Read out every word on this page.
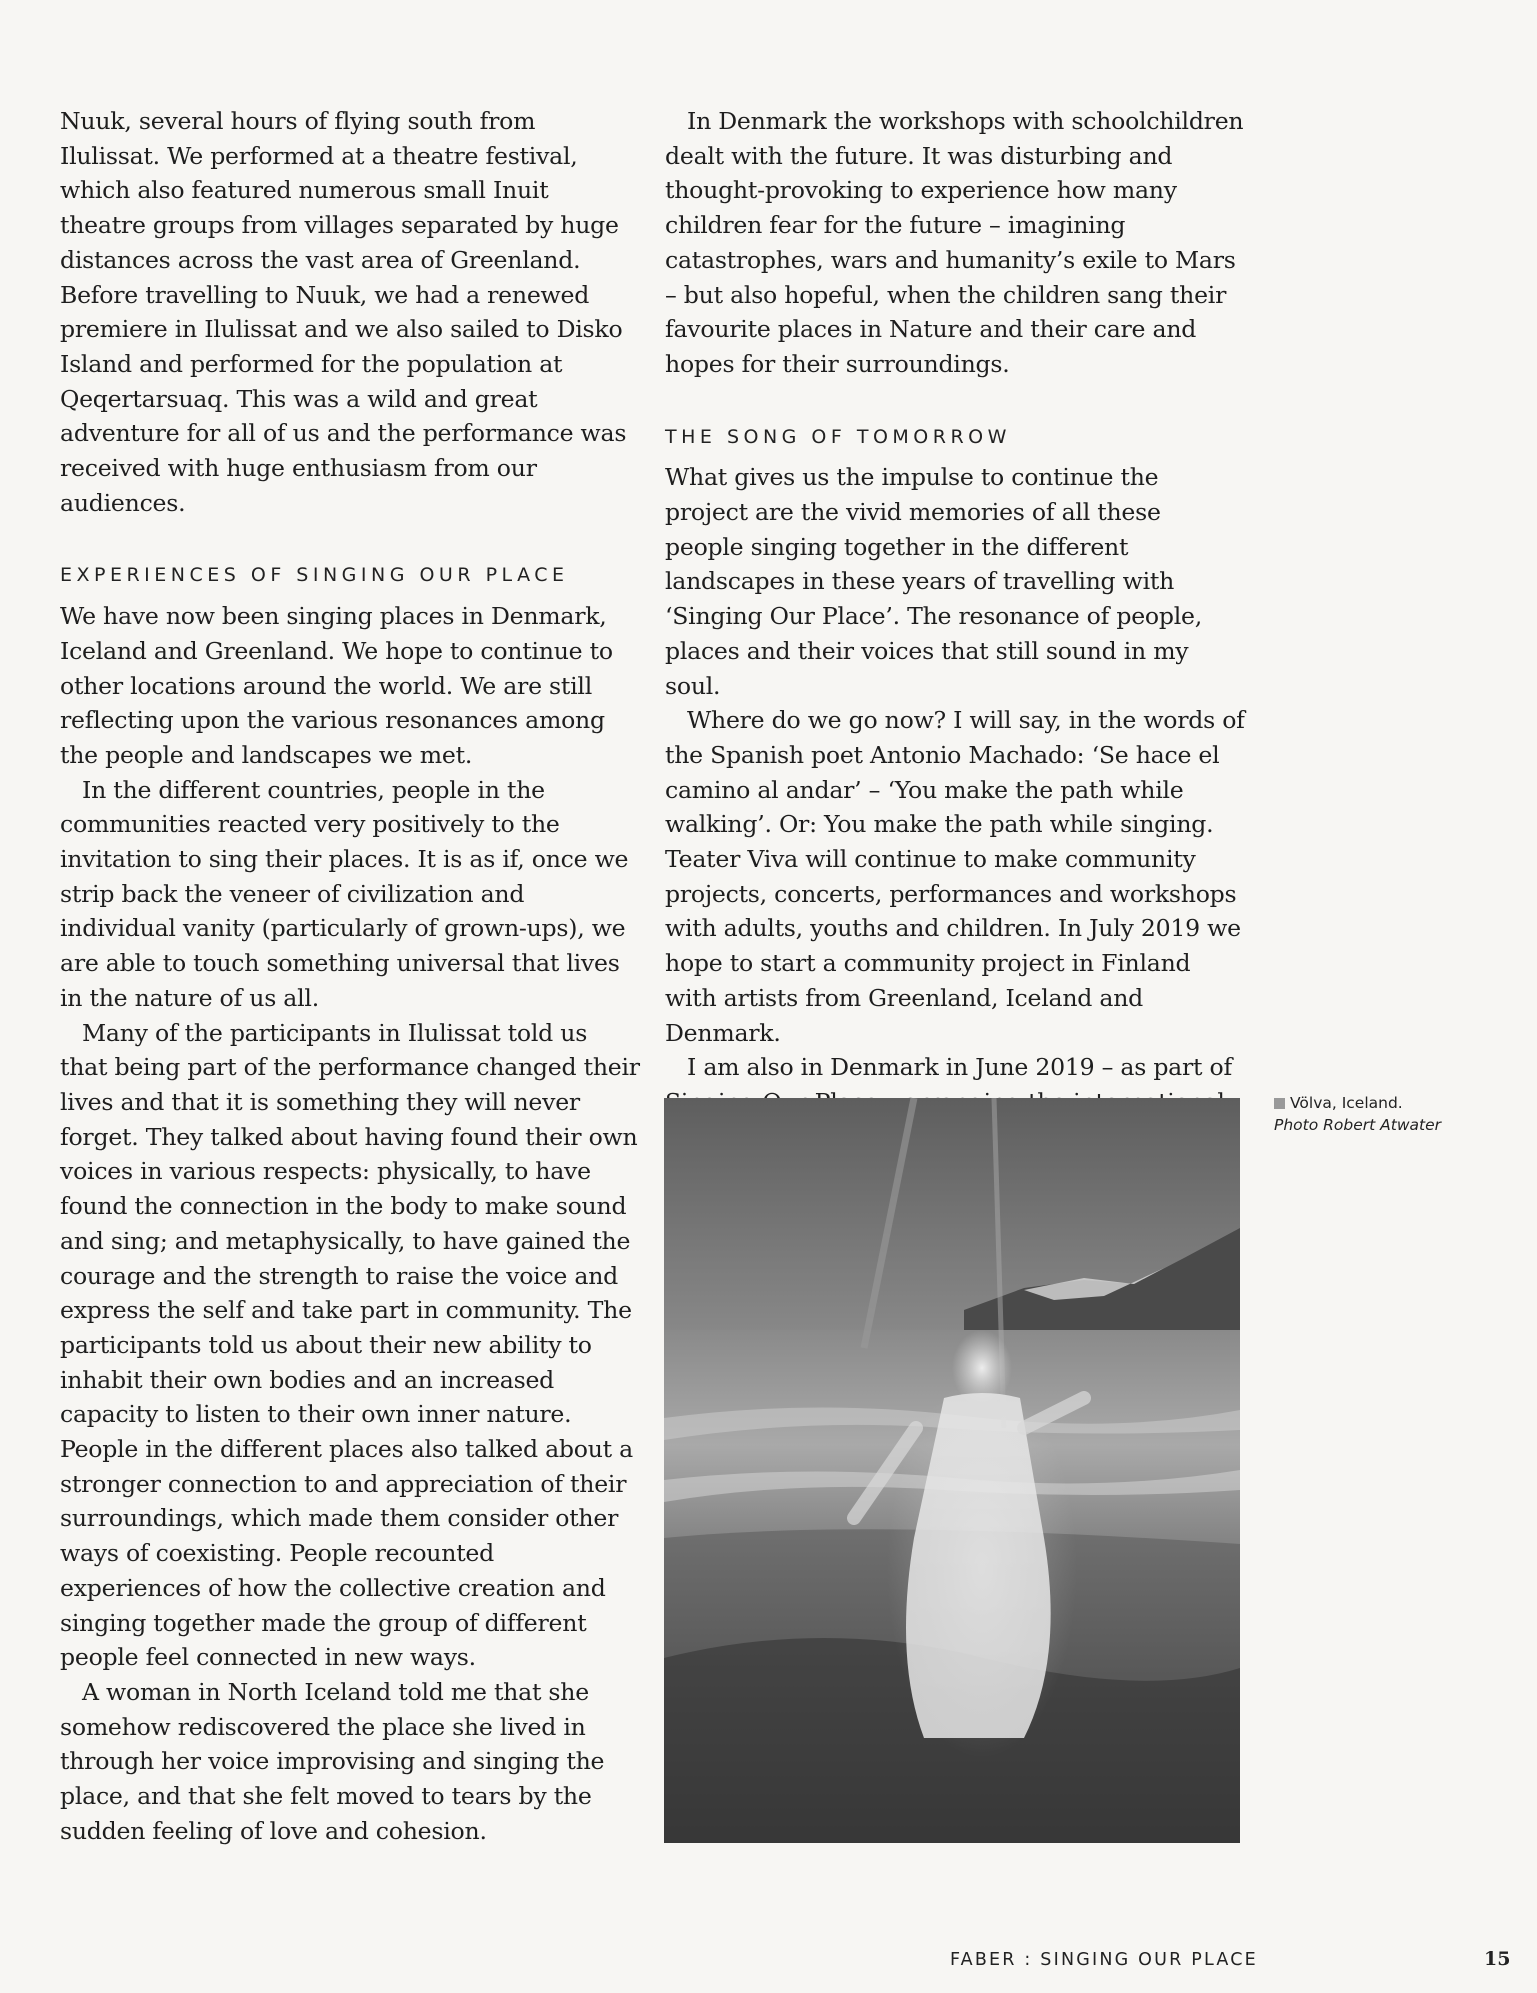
Nuuk, several hours of flying south from Ilulissat. We performed at a theatre festival, which also featured numerous small Inuit theatre groups from villages separated by huge distances across the vast area of Greenland. Before travelling to Nuuk, we had a renewed premiere in Ilulissat and we also sailed to Disko Island and performed for the population at Qeqertarsuaq. This was a wild and great adventure for all of us and the performance was received with huge enthusiasm from our audiences.

EXPERIENCES OF SINGING OUR PLACE

We have now been singing places in Denmark, Iceland and Greenland. We hope to continue to other locations around the world. We are still reflecting upon the various resonances among the people and landscapes we met.

In the different countries, people in the communities reacted very positively to the invitation to sing their places. It is as if, once we strip back the veneer of civilization and individual vanity (particularly of grown-ups), we are able to touch something universal that lives in the nature of us all.

Many of the participants in Ilulissat told us that being part of the performance changed their lives and that it is something they will never forget. They talked about having found their own voices in various respects: physically, to have found the connection in the body to make sound and sing; and metaphysically, to have gained the courage and the strength to raise the voice and express the self and take part in community. The participants told us about their new ability to inhabit their own bodies and an increased capacity to listen to their own inner nature. People in the different places also talked about a stronger connection to and appreciation of their surroundings, which made them consider other ways of coexisting. People recounted experiences of how the collective creation and singing together made the group of different people feel connected in new ways.

A woman in North Iceland told me that she somehow rediscovered the place she lived in through her voice improvising and singing the place, and that she felt moved to tears by the sudden feeling of love and cohesion.

In Denmark the workshops with schoolchildren dealt with the future. It was disturbing and thought-provoking to experience how many children fear for the future – imagining catastrophes, wars and humanity’s exile to Mars – but also hopeful, when the children sang their favourite places in Nature and their care and hopes for their surroundings.

THE SONG OF TOMORROW

What gives us the impulse to continue the project are the vivid memories of all these people singing together in the different landscapes in these years of travelling with ‘Singing Our Place’. The resonance of people, places and their voices that still sound in my soul.

Where do we go now? I will say, in the words of the Spanish poet Antonio Machado: ‘Se hace el camino al andar’ – ‘You make the path while walking’. Or: You make the path while singing. Teater Viva will continue to make community projects, concerts, performances and workshops with adults, youths and children. In July 2019 we hope to start a community project in Finland with artists from Greenland, Iceland and Denmark.

I am also in Denmark in June 2019 – as part of

Völva, Iceland.
Photo Robert Atwater
FABER : SINGING OUR PLACE	15
